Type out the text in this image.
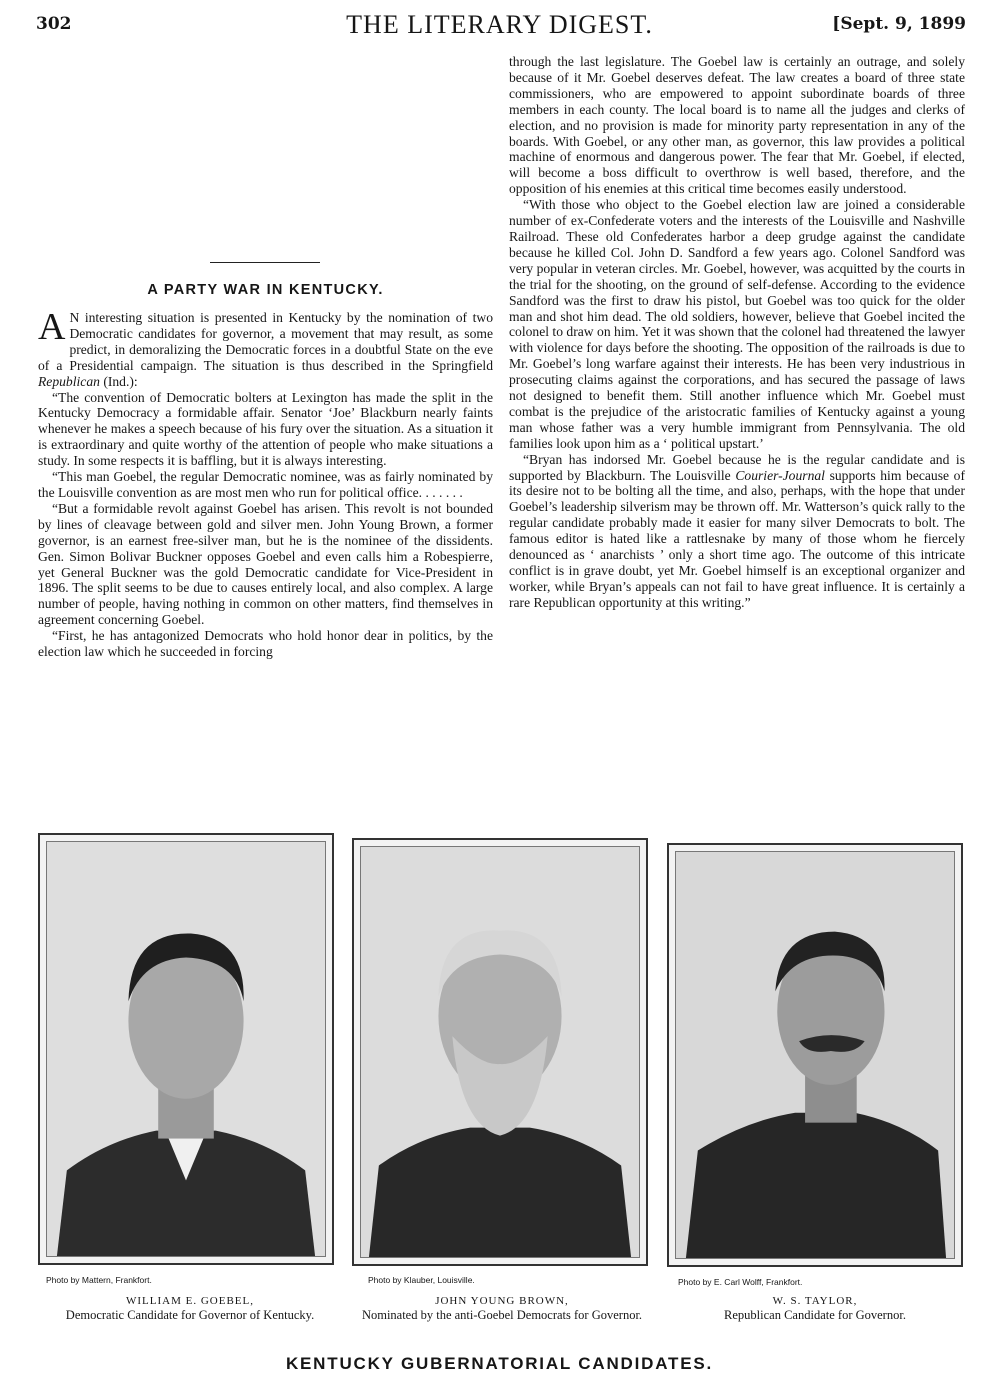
302	THE LITERARY DIGEST.	[Sept. 9, 1899
A PARTY WAR IN KENTUCKY.

A N interesting situation is presented in Kentucky by the nomination of two Democratic candidates for governor, a movement that may result, as some predict, in demoralizing the Democratic forces in a doubtful State on the eve of a Presidential campaign. The situation is thus described in the Springfield Republican (Ind.):

“The convention of Democratic bolters at Lexington has made the split in the Kentucky Democracy a formidable affair. Senator ‘Joe’ Blackburn nearly faints whenever he makes a speech because of his fury over the situation. As a situation it is extraordinary and quite worthy of the attention of people who make situations a study. In some respects it is baffling, but it is always interesting.

“This man Goebel, the regular Democratic nominee, was as fairly nominated by the Louisville convention as are most men who run for political office. . . . . . .

“But a formidable revolt against Goebel has arisen. This revolt is not bounded by lines of cleavage between gold and silver men. John Young Brown, a former governor, is an earnest free-silver man, but he is the nominee of the dissidents. Gen. Simon Bolivar Buckner opposes Goebel and even calls him a Robespierre, yet General Buckner was the gold Democratic candidate for Vice-President in 1896. The split seems to be due to causes entirely local, and also complex. A large number of people, having nothing in common on other matters, find themselves in agreement concerning Goebel.

“First, he has antagonized Democrats who hold honor dear in politics, by the election law which he succeeded in forcing

through the last legislature. The Goebel law is certainly an outrage, and solely because of it Mr. Goebel deserves defeat. The law creates a board of three state commissioners, who are empowered to appoint subordinate boards of three members in each county. The local board is to name all the judges and clerks of election, and no provision is made for minority party representation in any of the boards. With Goebel, or any other man, as governor, this law provides a political machine of enormous and dangerous power. The fear that Mr. Goebel, if elected, will become a boss difficult to overthrow is well based, therefore, and the opposition of his enemies at this critical time becomes easily understood.

“With those who object to the Goebel election law are joined a considerable number of ex-Confederate voters and the interests of the Louisville and Nashville Railroad. These old Confederates harbor a deep grudge against the candidate because he killed Col. John D. Sandford a few years ago. Colonel Sandford was very popular in veteran circles. Mr. Goebel, however, was acquitted by the courts in the trial for the shooting, on the ground of self-defense. According to the evidence Sandford was the first to draw his pistol, but Goebel was too quick for the older man and shot him dead. The old soldiers, however, believe that Goebel incited the colonel to draw on him. Yet it was shown that the colonel had threatened the lawyer with violence for days before the shooting. The opposition of the railroads is due to Mr. Goebel’s long warfare against their interests. He has been very industrious in prosecuting claims against the corporations, and has secured the passage of laws not designed to benefit them. Still another influence which Mr. Goebel must combat is the prejudice of the aristocratic families of Kentucky against a young man whose father was a very humble immigrant from Pennsylvania. The old families look upon him as a ‘ political upstart.’

“Bryan has indorsed Mr. Goebel because he is the regular candidate and is supported by Blackburn. The Louisville Courier-Journal supports him because of its desire not to be bolting all the time, and also, perhaps, with the hope that under Goebel’s leadership silverism may be thrown off. Mr. Watterson’s quick rally to the regular candidate probably made it easier for many silver Democrats to bolt. The famous editor is hated like a rattlesnake by many of those whom he fiercely denounced as ‘ anarchists ’ only a short time ago. The outcome of this intricate conflict is in grave doubt, yet Mr. Goebel himself is an exceptional organizer and worker, while Bryan’s appeals can not fail to have great influence. It is certainly a rare Republican opportunity at this writing.”

Photo by Mattern, Frankfort.	Photo by Klauber, Louisville.	Photo by E. Carl Wolff, Frankfort.
WILLIAM E. GOEBEL,
Democratic Candidate for Governor of Kentucky.
JOHN YOUNG BROWN,
Nominated by the anti-Goebel Democrats for Governor.
W. S. TAYLOR,
Republican Candidate for Governor.
KENTUCKY GUBERNATORIAL CANDIDATES.
